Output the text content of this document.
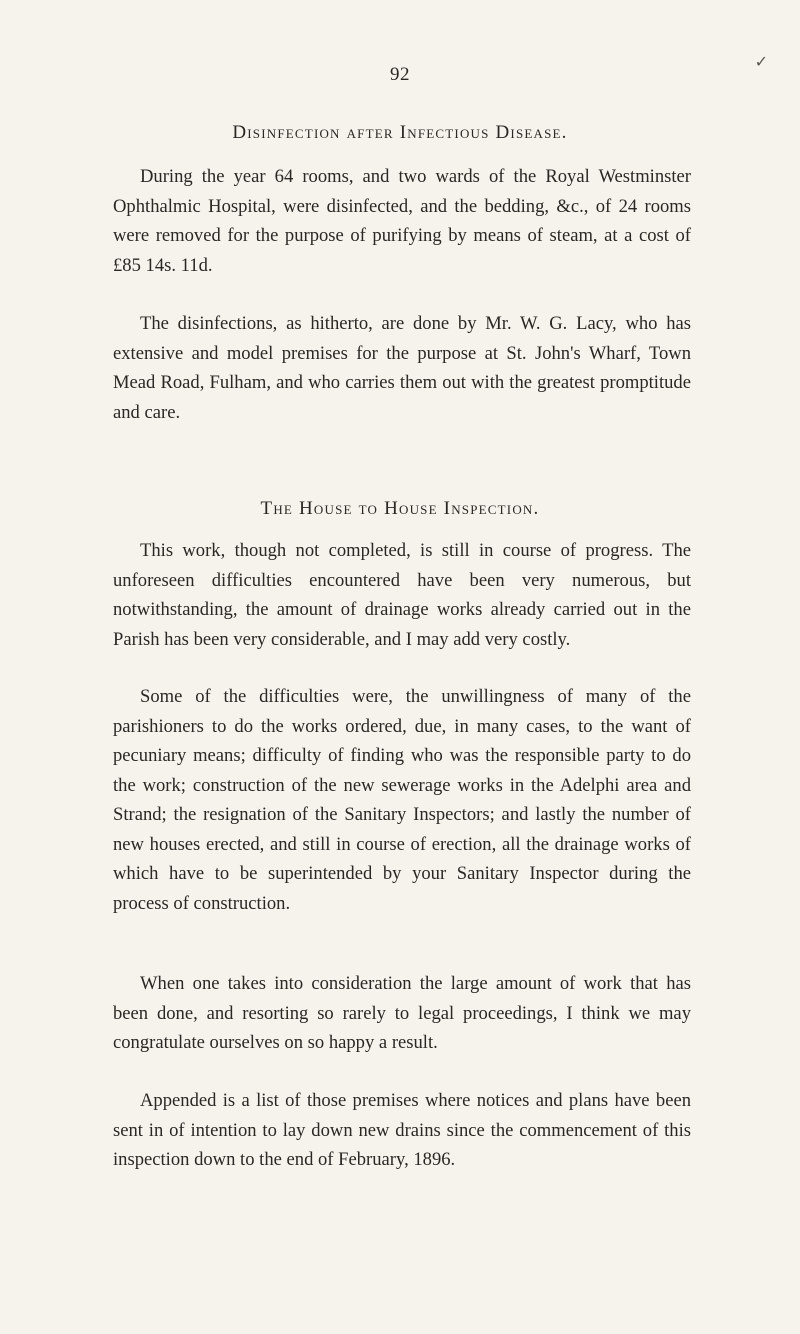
92
✓
Disinfection after Infectious Disease.

During the year 64 rooms, and two wards of the Royal Westminster Ophthalmic Hospital, were disinfected, and the bedding, &c., of 24 rooms were removed for the purpose of purifying by means of steam, at a cost of £85 14s. 11d.

The disinfections, as hitherto, are done by Mr. W. G. Lacy, who has extensive and model premises for the purpose at St. John's Wharf, Town Mead Road, Fulham, and who carries them out with the greatest promptitude and care.

The House to House Inspection.

This work, though not completed, is still in course of progress. The unforeseen difficulties encountered have been very numerous, but notwithstanding, the amount of drainage works already carried out in the Parish has been very considerable, and I may add very costly.

Some of the difficulties were, the unwillingness of many of the parishioners to do the works ordered, due, in many cases, to the want of pecuniary means; difficulty of finding who was the responsible party to do the work; construction of the new sewerage works in the Adelphi area and Strand; the resignation of the Sanitary Inspectors; and lastly the number of new houses erected, and still in course of erection, all the drainage works of which have to be superintended by your Sanitary Inspector during the process of construction.

When one takes into consideration the large amount of work that has been done, and resorting so rarely to legal proceedings, I think we may congratulate ourselves on so happy a result.

Appended is a list of those premises where notices and plans have been sent in of intention to lay down new drains since the commencement of this inspection down to the end of February, 1896.
